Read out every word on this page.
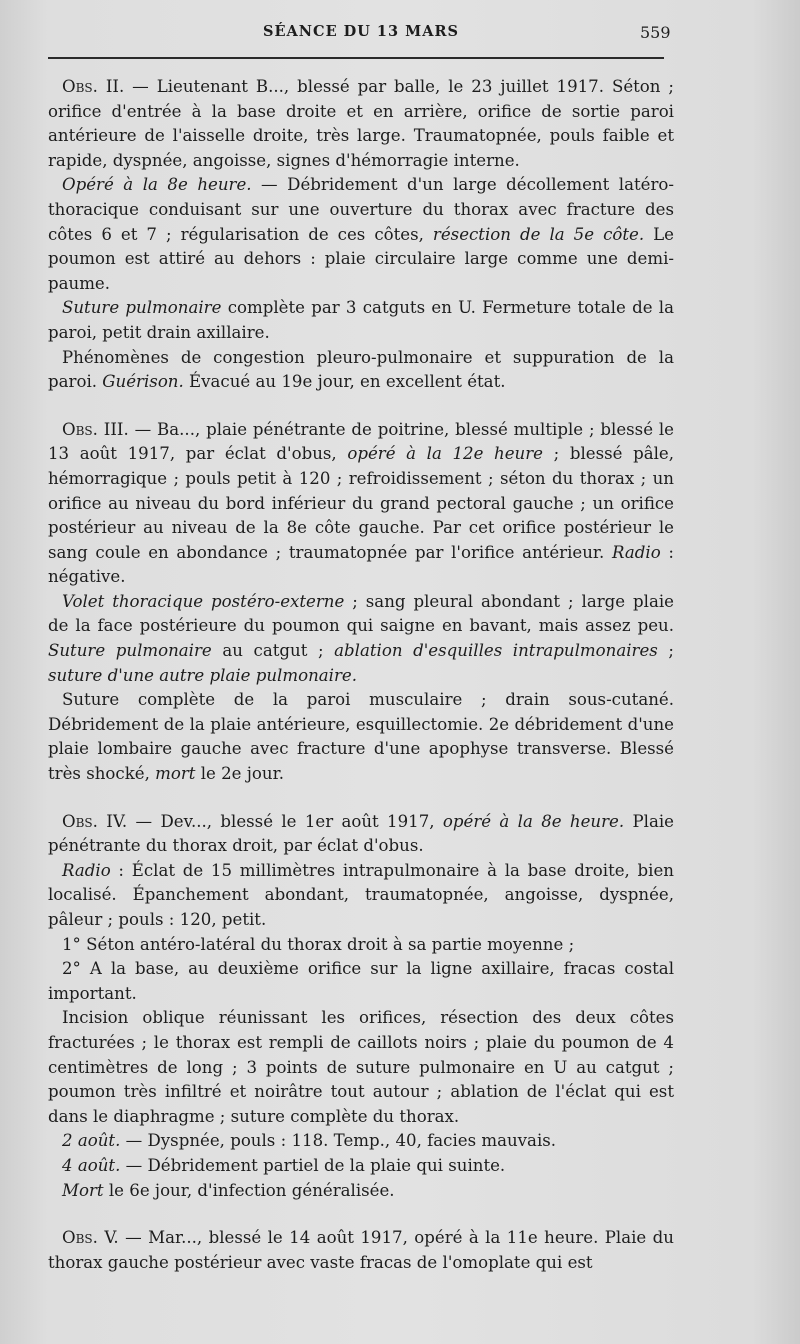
SÉANCE DU 13 MARS	559

Obs. II. — Lieutenant B..., blessé par balle, le 23 juillet 1917. Séton ; orifice d'entrée à la base droite et en arrière, orifice de sortie paroi antérieure de l'aisselle droite, très large. Traumatopnée, pouls faible et rapide, dyspnée, angoisse, signes d'hémorragie interne.

Opéré à la 8e heure. — Débridement d'un large décollement latéro-thoracique conduisant sur une ouverture du thorax avec fracture des côtes 6 et 7 ; régularisation de ces côtes, résection de la 5e côte. Le poumon est attiré au dehors : plaie circulaire large comme une demi-paume.

Suture pulmonaire complète par 3 catguts en U. Fermeture totale de la paroi, petit drain axillaire.

Phénomènes de congestion pleuro-pulmonaire et suppuration de la paroi. Guérison. Évacué au 19e jour, en excellent état.

Obs. III. — Ba..., plaie pénétrante de poitrine, blessé multiple ; blessé le 13 août 1917, par éclat d'obus, opéré à la 12e heure ; blessé pâle, hémorragique ; pouls petit à 120 ; refroidissement ; séton du thorax ; un orifice au niveau du bord inférieur du grand pectoral gauche ; un orifice postérieur au niveau de la 8e côte gauche. Par cet orifice postérieur le sang coule en abondance ; traumatopnée par l'orifice antérieur. Radio : négative.

Volet thoracique postéro-externe ; sang pleural abondant ; large plaie de la face postérieure du poumon qui saigne en bavant, mais assez peu. Suture pulmonaire au catgut ; ablation d'esquilles intrapulmonaires ; suture d'une autre plaie pulmonaire.

Suture complète de la paroi musculaire ; drain sous-cutané. Débridement de la plaie antérieure, esquillectomie. 2e débridement d'une plaie lombaire gauche avec fracture d'une apophyse transverse. Blessé très shocké, mort le 2e jour.

Obs. IV. — Dev..., blessé le 1er août 1917, opéré à la 8e heure. Plaie pénétrante du thorax droit, par éclat d'obus.

Radio : Éclat de 15 millimètres intrapulmonaire à la base droite, bien localisé. Épanchement abondant, traumatopnée, angoisse, dyspnée, pâleur ; pouls : 120, petit.

1° Séton antéro-latéral du thorax droit à sa partie moyenne ;

2° A la base, au deuxième orifice sur la ligne axillaire, fracas costal important.

Incision oblique réunissant les orifices, résection des deux côtes fracturées ; le thorax est rempli de caillots noirs ; plaie du poumon de 4 centimètres de long ; 3 points de suture pulmonaire en U au catgut ; poumon très infiltré et noirâtre tout autour ; ablation de l'éclat qui est dans le diaphragme ; suture complète du thorax.

2 août. — Dyspnée, pouls : 118. Temp., 40, facies mauvais.

4 août. — Débridement partiel de la plaie qui suinte.

Mort le 6e jour, d'infection généralisée.

Obs. V. — Mar..., blessé le 14 août 1917, opéré à la 11e heure. Plaie du thorax gauche postérieur avec vaste fracas de l'omoplate qui est
